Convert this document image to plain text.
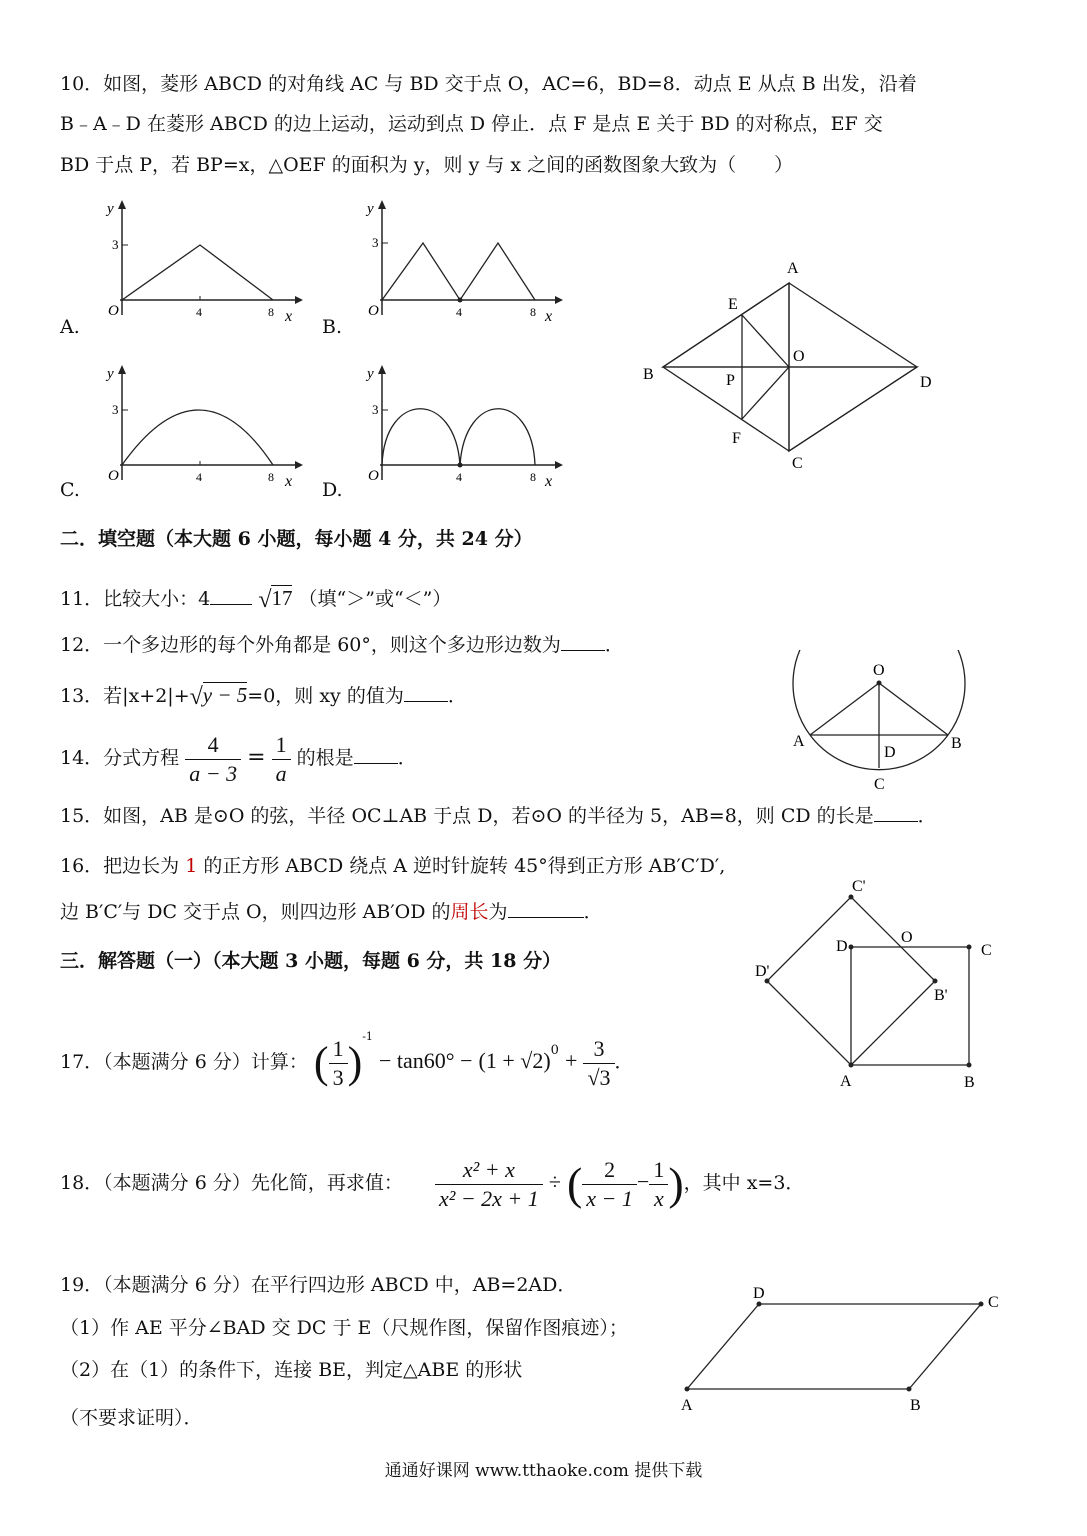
10．如图，菱形 ABCD 的对角线 AC 与 BD 交于点 O，AC=6，BD=8．动点 E 从点 B 出发，沿着
B﹣A﹣D 在菱形 ABCD 的边上运动，运动到点 D 停止．点 F 是点 E 关于 BD 的对称点，EF 交
BD 于点 P，若 BP=x，△OEF 的面积为 y，则 y 与 x 之间的函数图象大致为（　　）
y
3
O	4	8 x
A.
y
3
O	4	8 x
B.
y
3
O	4	8 x
C.
y
3
O	4	8 x
D.
A
B
C
D
E
F
O
P
二．填空题（本大题 6 小题，每小题 4 分，共 24 分）
11．比较大小：4 √17 （填“＞”或“＜”）
12．一个多边形的每个外角都是 60°，则这个多边形边数为 ．
13．若|x+2|+√y − 5=0，则 xy 的值为 ．
14．分式方程 $\frac{4}{a - 3} = \frac{1}{a}$ 的根是 ．
O
A	B
C
D
15．如图，AB 是⊙O 的弦，半径 OC⊥AB 于点 D，若⊙O 的半径为 5，AB=8，则 CD 的长是 ．
16．把边长为 1 的正方形 ABCD 绕点 A 逆时针旋转 45°得到正方形 AB′C′D′,
边 B′C′与 DC 交于点 O，则四边形 AB′OD 的周长为	．
A	B
C
D
C'
D'
B'
O
三．解答题（一）（本大题 3 小题，每题 6 分，共 18 分）
17．（本题满分 6 分）计算： ( $\frac{1}{3} )^{-1} - \tan 60^\circ - (1 + √2)^0 + \frac{3}{√3}$ ．
18．（本题满分 6 分）先化简，再求值： $\frac{\text{x² + x}}{\text{x² − 2x + 1}}$ ÷ ( $\frac{2}{x - 1} - \frac{1}{x}$ )，其中 x=3．
19．（本题满分 6 分）在平行四边形 ABCD 中，AB=2AD．
（1）作 AE 平分∠BAD 交 DC 于 E（尺规作图，保留作图痕迹）；
（2）在（1）的条件下，连接 BE，判定△ABE 的形状
（不要求证明）．
A	B
C
D
通通好课网 www.tthaoke.com 提供下载
